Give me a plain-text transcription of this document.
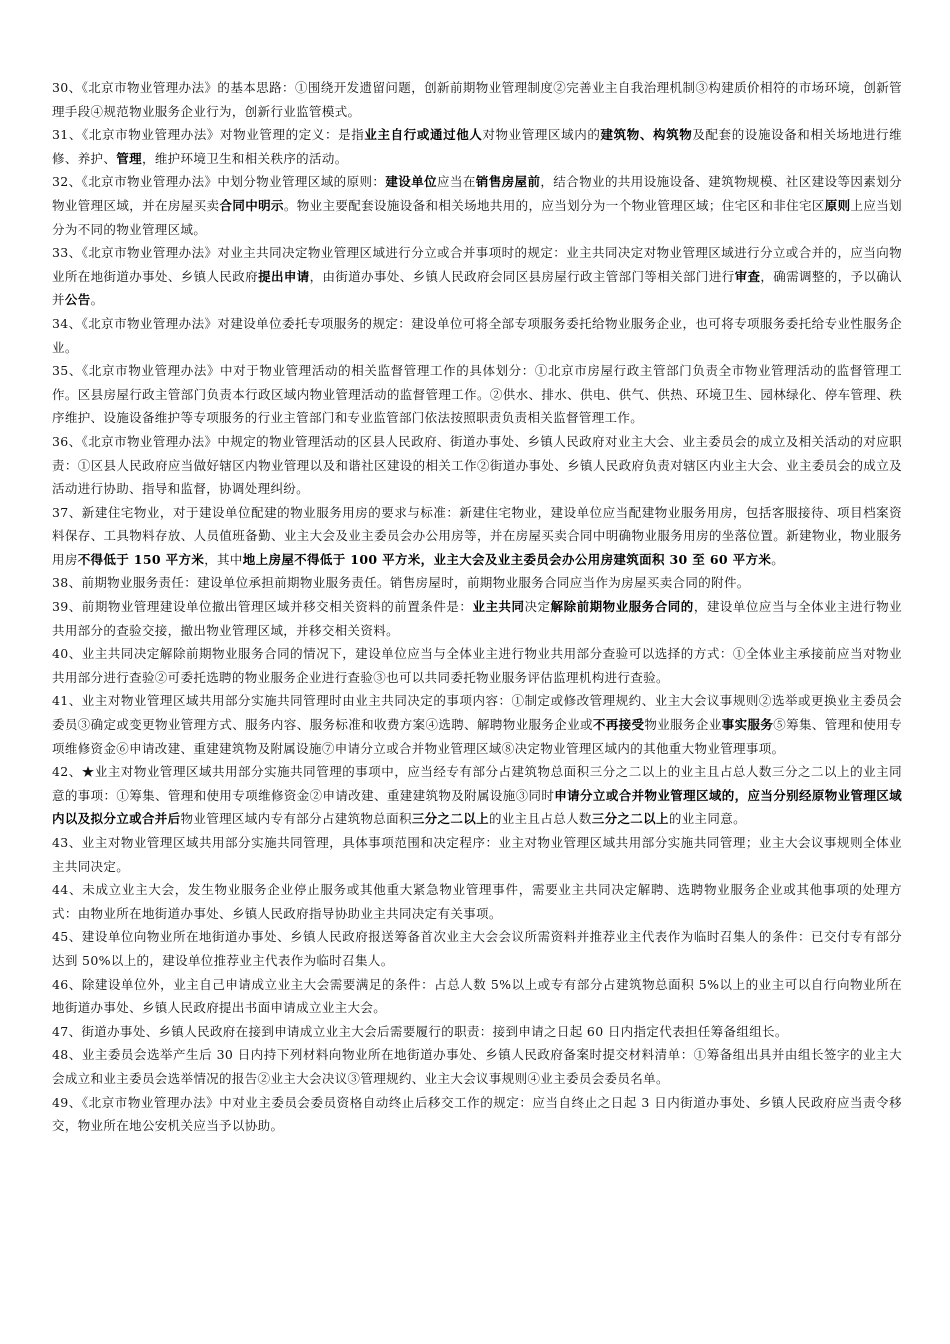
30、《北京市物业管理办法》的基本思路：①围绕开发遗留问题，创新前期物业管理制度②完善业主自我治理机制③构建质价相符的市场环境，创新管理手段④规范物业服务企业行为，创新行业监管模式。

31、《北京市物业管理办法》对物业管理的定义：是指业主自行或通过他人对物业管理区域内的建筑物、构筑物及配套的设施设备和相关场地进行维修、养护、管理，维护环境卫生和相关秩序的活动。

32、《北京市物业管理办法》中划分物业管理区域的原则：建设单位应当在销售房屋前，结合物业的共用设施设备、建筑物规模、社区建设等因素划分物业管理区域，并在房屋买卖合同中明示。物业主要配套设施设备和相关场地共用的，应当划分为一个物业管理区域；住宅区和非住宅区原则上应当划分为不同的物业管理区域。

33、《北京市物业管理办法》对业主共同决定物业管理区域进行分立或合并事项时的规定：业主共同决定对物业管理区域进行分立或合并的，应当向物业所在地街道办事处、乡镇人民政府提出申请，由街道办事处、乡镇人民政府会同区县房屋行政主管部门等相关部门进行审查，确需调整的，予以确认并公告。

34、《北京市物业管理办法》对建设单位委托专项服务的规定：建设单位可将全部专项服务委托给物业服务企业，也可将专项服务委托给专业性服务企业。

35、《北京市物业管理办法》中对于物业管理活动的相关监督管理工作的具体划分：①北京市房屋行政主管部门负责全市物业管理活动的监督管理工作。区县房屋行政主管部门负责本行政区域内物业管理活动的监督管理工作。②供水、排水、供电、供气、供热、环境卫生、园林绿化、停车管理、秩序维护、设施设备维护等专项服务的行业主管部门和专业监管部门依法按照职责负责相关监督管理工作。

36、《北京市物业管理办法》中规定的物业管理活动的区县人民政府、街道办事处、乡镇人民政府对业主大会、业主委员会的成立及相关活动的对应职责：①区县人民政府应当做好辖区内物业管理以及和谐社区建设的相关工作②街道办事处、乡镇人民政府负责对辖区内业主大会、业主委员会的成立及活动进行协助、指导和监督，协调处理纠纷。

37、新建住宅物业，对于建设单位配建的物业服务用房的要求与标准：新建住宅物业，建设单位应当配建物业服务用房，包括客服接待、项目档案资料保存、工具物料存放、人员值班备勤、业主大会及业主委员会办公用房等，并在房屋买卖合同中明确物业服务用房的坐落位置。新建物业，物业服务用房不得低于 150 平方米，其中地上房屋不得低于 100 平方米，业主大会及业主委员会办公用房建筑面积 30 至 60 平方米。

38、前期物业服务责任：建设单位承担前期物业服务责任。销售房屋时，前期物业服务合同应当作为房屋买卖合同的附件。

39、前期物业管理建设单位撤出管理区域并移交相关资料的前置条件是：业主共同决定解除前期物业服务合同的，建设单位应当与全体业主进行物业共用部分的查验交接，撤出物业管理区域，并移交相关资料。

40、业主共同决定解除前期物业服务合同的情况下，建设单位应当与全体业主进行物业共用部分查验可以选择的方式：①全体业主承接前应当对物业共用部分进行查验②可委托选聘的物业服务企业进行查验③也可以共同委托物业服务评估监理机构进行查验。

41、业主对物业管理区域共用部分实施共同管理时由业主共同决定的事项内容：①制定或修改管理规约、业主大会议事规则②选举或更换业主委员会委员③确定或变更物业管理方式、服务内容、服务标准和收费方案④选聘、解聘物业服务企业或不再接受物业服务企业事实服务⑤筹集、管理和使用专项维修资金⑥申请改建、重建建筑物及附属设施⑦申请分立或合并物业管理区域⑧决定物业管理区域内的其他重大物业管理事项。

42、★业主对物业管理区域共用部分实施共同管理的事项中，应当经专有部分占建筑物总面积三分之二以上的业主且占总人数三分之二以上的业主同意的事项：①筹集、管理和使用专项维修资金②申请改建、重建建筑物及附属设施③同时申请分立或合并物业管理区域的，应当分别经原物业管理区域内以及拟分立或合并后物业管理区域内专有部分占建筑物总面积三分之二以上的业主且占总人数三分之二以上的业主同意。

43、业主对物业管理区域共用部分实施共同管理，具体事项范围和决定程序：业主对物业管理区域共用部分实施共同管理；业主大会议事规则全体业主共同决定。

44、未成立业主大会，发生物业服务企业停止服务或其他重大紧急物业管理事件，需要业主共同决定解聘、选聘物业服务企业或其他事项的处理方式：由物业所在地街道办事处、乡镇人民政府指导协助业主共同决定有关事项。

45、建设单位向物业所在地街道办事处、乡镇人民政府报送筹备首次业主大会会议所需资料并推荐业主代表作为临时召集人的条件：已交付专有部分达到 50%以上的，建设单位推荐业主代表作为临时召集人。

46、除建设单位外，业主自己申请成立业主大会需要满足的条件：占总人数 5%以上或专有部分占建筑物总面积 5%以上的业主可以自行向物业所在地街道办事处、乡镇人民政府提出书面申请成立业主大会。

47、街道办事处、乡镇人民政府在接到申请成立业主大会后需要履行的职责：接到申请之日起 60 日内指定代表担任筹备组组长。

48、业主委员会选举产生后 30 日内持下列材料向物业所在地街道办事处、乡镇人民政府备案时提交材料清单：①筹备组出具并由组长签字的业主大会成立和业主委员会选举情况的报告②业主大会决议③管理规约、业主大会议事规则④业主委员会委员名单。

49、《北京市物业管理办法》中对业主委员会委员资格自动终止后移交工作的规定：应当自终止之日起 3 日内街道办事处、乡镇人民政府应当责令移交，物业所在地公安机关应当予以协助。
